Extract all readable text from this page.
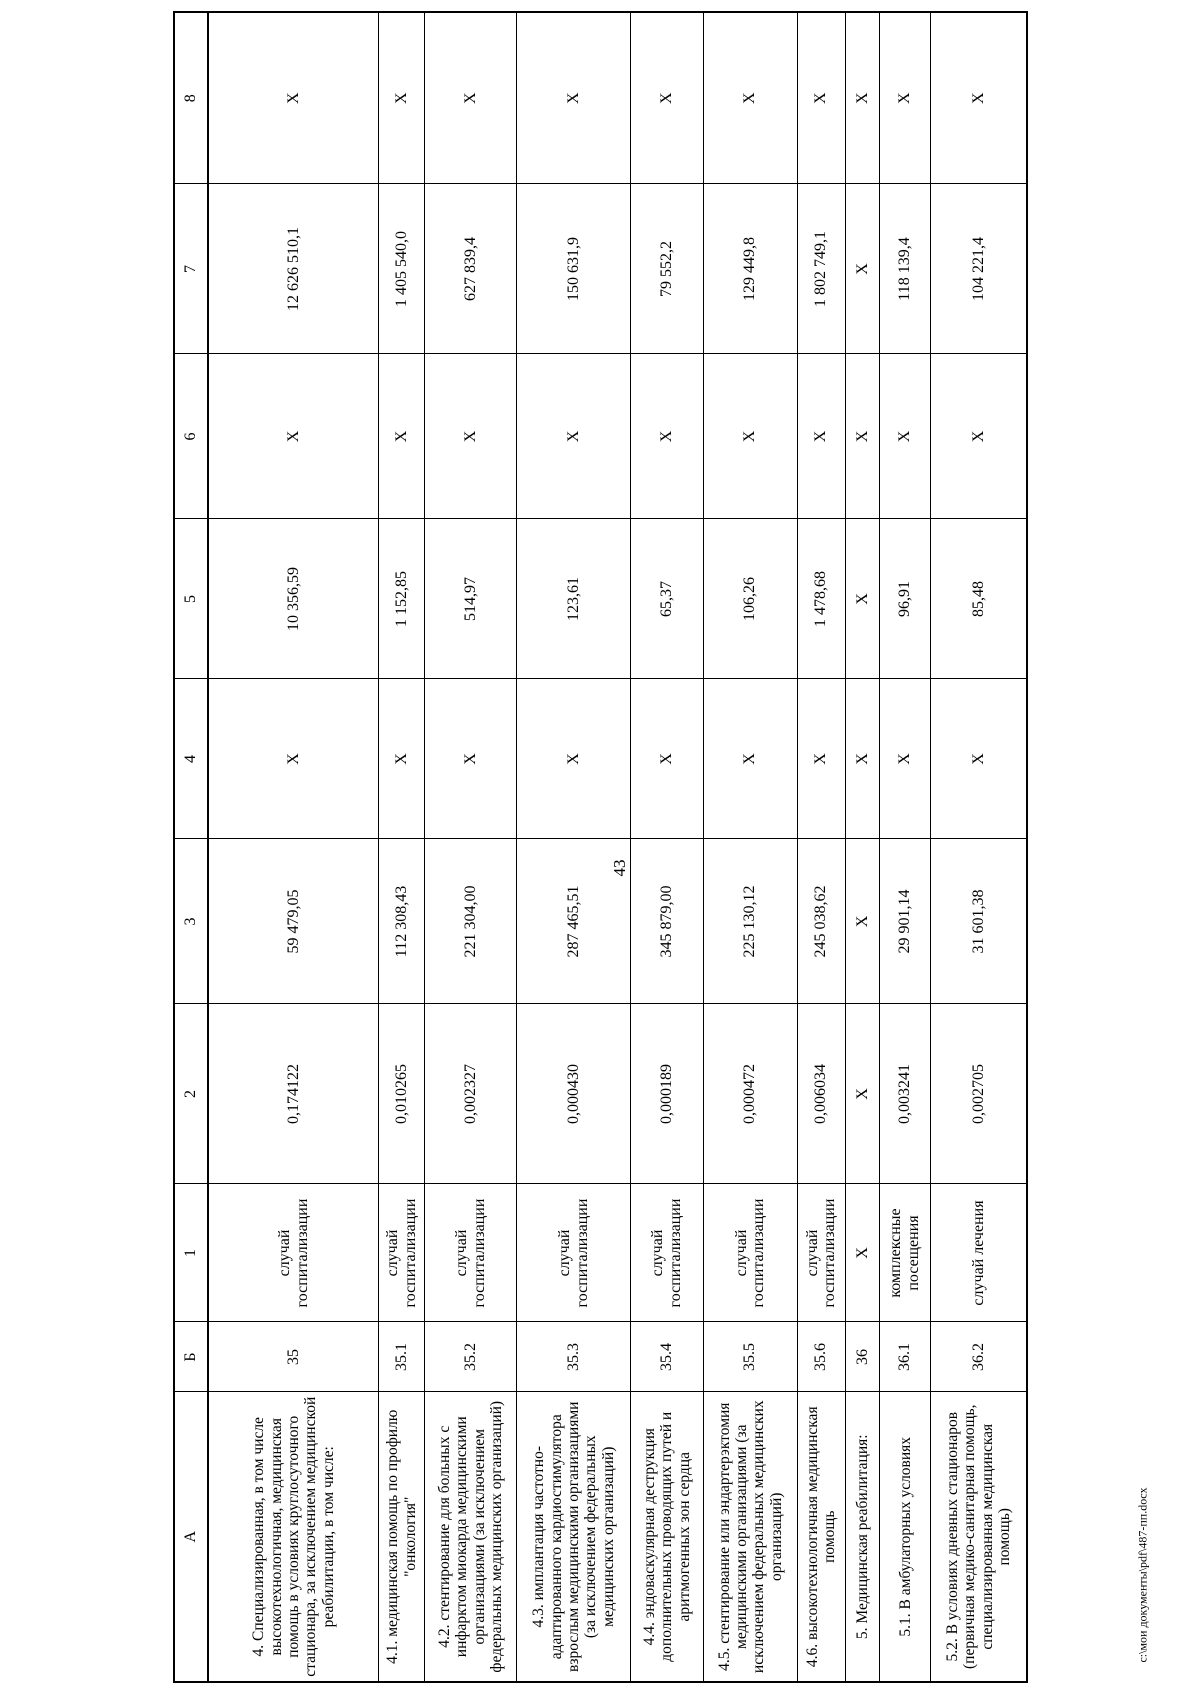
43
А	Б	1	2	3	4	5	6	7	8
4. Специализированная, в том числе высокотехнологичная, медицинская помощь в условиях круглосуточного стационара, за исключением медицинской реабилитации, в том числе:	35	случай госпитализации	0,174122	59 479,05	Х	10 356,59	Х	12 626 510,1	Х
4.1. медицинская помощь по профилю "онкология"	35.1	случай госпитализации	0,010265	112 308,43	Х	1 152,85	Х	1 405 540,0	Х
4.2. стентирование для больных с инфарктом миокарда медицинскими организациями (за исключением федеральных медицинских организаций)	35.2	случай госпитализации	0,002327	221 304,00	Х	514,97	Х	627 839,4	Х
4.3. имплантация частотно-адаптированного кардиостимулятора взрослым медицинскими организациями (за исключением федеральных медицинских организаций)	35.3	случай госпитализации	0,000430	287 465,51	Х	123,61	Х	150 631,9	Х
4.4. эндоваскулярная деструкция дополнительных проводящих путей и аритмогенных зон сердца	35.4	случай госпитализации	0,000189	345 879,00	Х	65,37	Х	79 552,2	Х
4.5. стентирование или эндартерэктомия медицинскими организациями (за исключением федеральных медицинских организаций)	35.5	случай госпитализации	0,000472	225 130,12	Х	106,26	Х	129 449,8	Х
4.6. высокотехнологичная медицинская помощь	35.6	случай госпитализации	0,006034	245 038,62	Х	1 478,68	Х	1 802 749,1	Х
5. Медицинская реабилитация:	36	Х	Х	Х	Х	Х	Х	Х	Х
5.1. В амбулаторных условиях	36.1	комплексные посещения	0,003241	29 901,14	Х	96,91	Х	118 139,4	Х
5.2. В условиях дневных стационаров (первичная медико-санитарная помощь, специализированная медицинская помощь)	36.2	случай лечения	0,002705	31 601,38	Х	85,48	Х	104 221,4	Х
c:\мои документы\pdf\487-пп.docx
